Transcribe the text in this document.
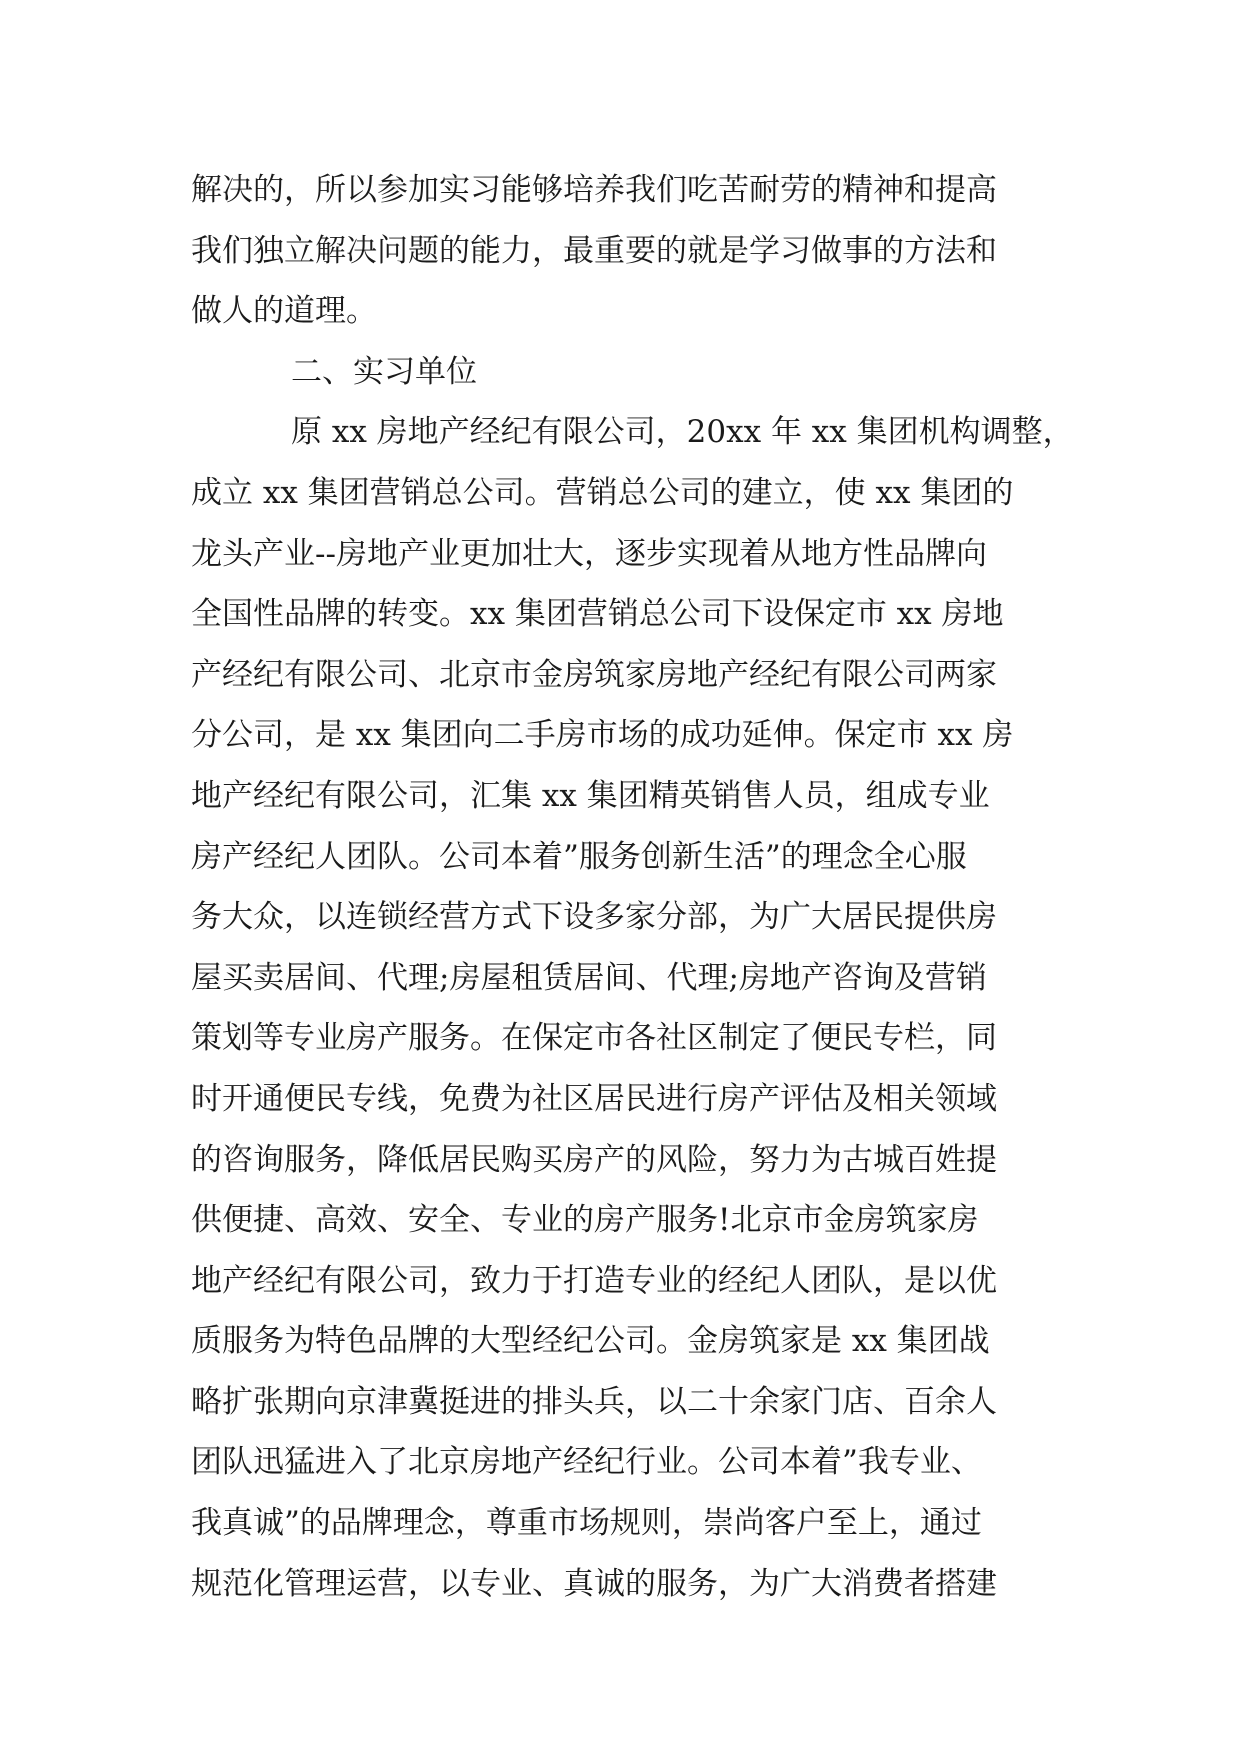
解决的，所以参加实习能够培养我们吃苦耐劳的精神和提高
我们独立解决问题的能力，最重要的就是学习做事的方法和
做人的道理。
二、实习单位
原 xx 房地产经纪有限公司，20xx 年 xx 集团机构调整，
成立 xx 集团营销总公司。营销总公司的建立，使 xx 集团的
龙头产业--房地产业更加壮大，逐步实现着从地方性品牌向
全国性品牌的转变。xx 集团营销总公司下设保定市 xx 房地
产经纪有限公司、北京市金房筑家房地产经纪有限公司两家
分公司，是 xx 集团向二手房市场的成功延伸。保定市 xx 房
地产经纪有限公司，汇集 xx 集团精英销售人员，组成专业
房产经纪人团队。公司本着”服务创新生活”的理念全心服
务大众，以连锁经营方式下设多家分部，为广大居民提供房
屋买卖居间、代理;房屋租赁居间、代理;房地产咨询及营销
策划等专业房产服务。在保定市各社区制定了便民专栏，同
时开通便民专线，免费为社区居民进行房产评估及相关领域
的咨询服务，降低居民购买房产的风险，努力为古城百姓提
供便捷、高效、安全、专业的房产服务!北京市金房筑家房
地产经纪有限公司，致力于打造专业的经纪人团队，是以优
质服务为特色品牌的大型经纪公司。金房筑家是 xx 集团战
略扩张期向京津冀挺进的排头兵，以二十余家门店、百余人
团队迅猛进入了北京房地产经纪行业。公司本着”我专业、
我真诚”的品牌理念，尊重市场规则，崇尚客户至上，通过
规范化管理运营，以专业、真诚的服务，为广大消费者搭建
